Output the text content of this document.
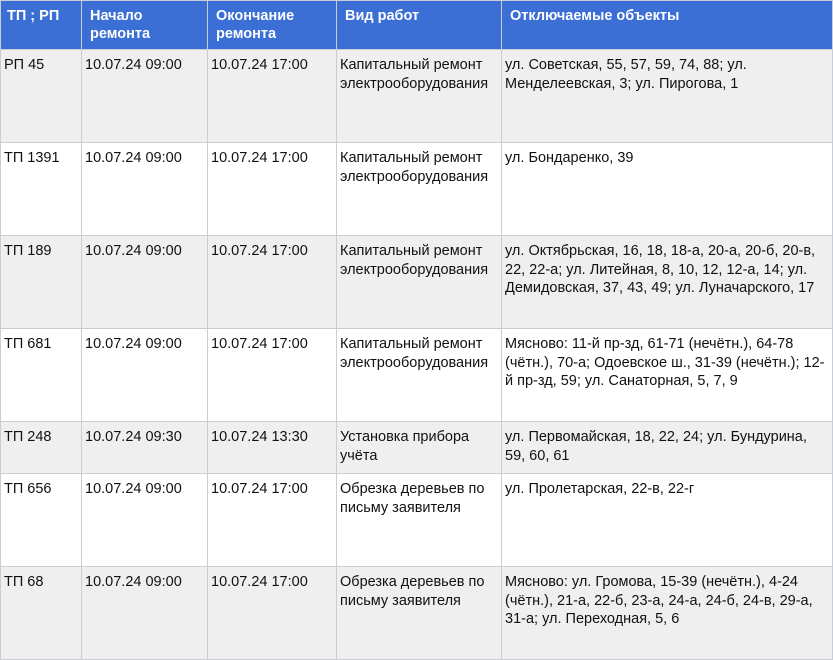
ТП ; РП	Начало ремонта	Окончание ремонта	Вид работ	Отключаемые объекты
РП 45	10.07.24 09:00	10.07.24 17:00	Капитальный ремонт электрооборудования	ул. Советская, 55, 57, 59, 74, 88; ул. Менделеевская, 3; ул. Пирогова, 1
ТП 1391	10.07.24 09:00	10.07.24 17:00	Капитальный ремонт электрооборудования	ул. Бондаренко, 39
ТП 189	10.07.24 09:00	10.07.24 17:00	Капитальный ремонт электрооборудования	ул. Октябрьская, 16, 18, 18-а, 20-а, 20-б, 20-в, 22, 22-а; ул. Литейная, 8, 10, 12, 12-а, 14; ул. Демидовская, 37, 43, 49; ул. Луначарского, 17
ТП 681	10.07.24 09:00	10.07.24 17:00	Капитальный ремонт электрооборудования	Мясново: 11-й пр-зд, 61-71 (нечётн.), 64-78 (чётн.), 70-а; Одоевское ш., 31-39 (нечётн.); 12-й пр-зд, 59; ул. Санаторная, 5, 7, 9
ТП 248	10.07.24 09:30	10.07.24 13:30	Установка прибора учёта	ул. Первомайская, 18, 22, 24; ул. Бундурина, 59, 60, 61
ТП 656	10.07.24 09:00	10.07.24 17:00	Обрезка деревьев по письму заявителя	ул. Пролетарская, 22-в, 22-г
ТП 68	10.07.24 09:00	10.07.24 17:00	Обрезка деревьев по письму заявителя	Мясново: ул. Громова, 15-39 (нечётн.), 4-24 (чётн.), 21-а, 22-б, 23-а, 24-а, 24-б, 24-в, 29-а, 31-а; ул. Переходная, 5, 6
